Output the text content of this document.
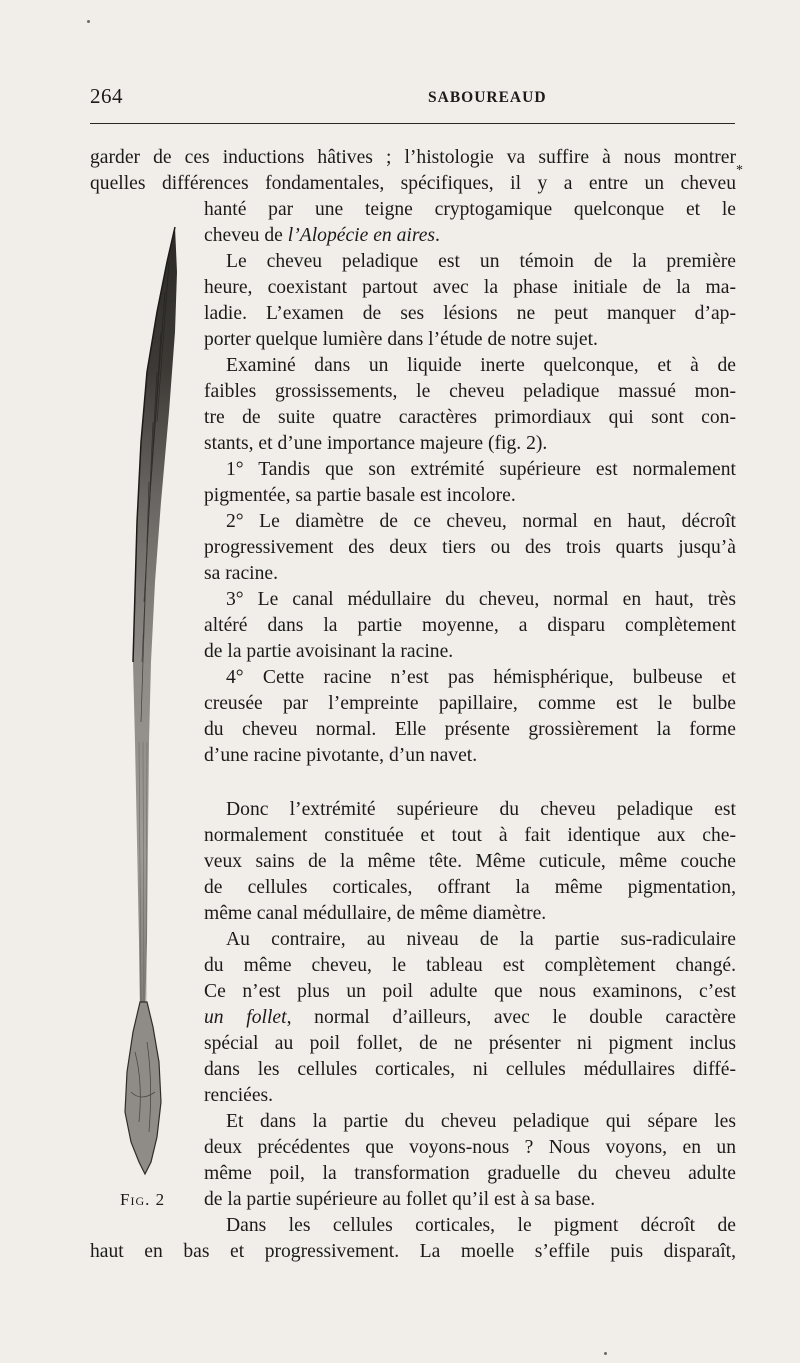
264	SABOUREAUD
*
Fig. 2
garder de ces inductions hâtives ; l’histologie va suffire à nous montrer
quelles différences fondamentales, spécifiques, il y a entre un cheveu
hanté par une teigne cryptogamique quelconque et le
cheveu de l’Alopécie en aires.
Le cheveu peladique est un témoin de la première
heure, coexistant partout avec la phase initiale de la ma-
ladie. L’examen de ses lésions ne peut manquer d’ap-
porter quelque lumière dans l’étude de notre sujet.
Examiné dans un liquide inerte quelconque, et à de
faibles grossissements, le cheveu peladique massué mon-
tre de suite quatre caractères primordiaux qui sont con-
stants, et d’une importance majeure (fig. 2).
1° Tandis que son extrémité supérieure est normalement
pigmentée, sa partie basale est incolore.
2° Le diamètre de ce cheveu, normal en haut, décroît
progressivement des deux tiers ou des trois quarts jusqu’à
sa racine.
3° Le canal médullaire du cheveu, normal en haut, très
altéré dans la partie moyenne, a disparu complètement
de la partie avoisinant la racine.
4° Cette racine n’est pas hémisphérique, bulbeuse et
creusée par l’empreinte papillaire, comme est le bulbe
du cheveu normal. Elle présente grossièrement la forme
d’une racine pivotante, d’un navet.
Donc l’extrémité supérieure du cheveu peladique est
normalement constituée et tout à fait identique aux che-
veux sains de la même tête. Même cuticule, même couche
de cellules corticales, offrant la même pigmentation,
même canal médullaire, de même diamètre.
Au contraire, au niveau de la partie sus-radiculaire
du même cheveu, le tableau est complètement changé.
Ce n’est plus un poil adulte que nous examinons, c’est
un follet, normal d’ailleurs, avec le double caractère
spécial au poil follet, de ne présenter ni pigment inclus
dans les cellules corticales, ni cellules médullaires diffé-
renciées.
Et dans la partie du cheveu peladique qui sépare les
deux précédentes que voyons-nous ? Nous voyons, en un
même poil, la transformation graduelle du cheveu adulte
de la partie supérieure au follet qu’il est à sa base.
Dans les cellules corticales, le pigment décroît de
haut en bas et progressivement. La moelle s’effile puis disparaît,
